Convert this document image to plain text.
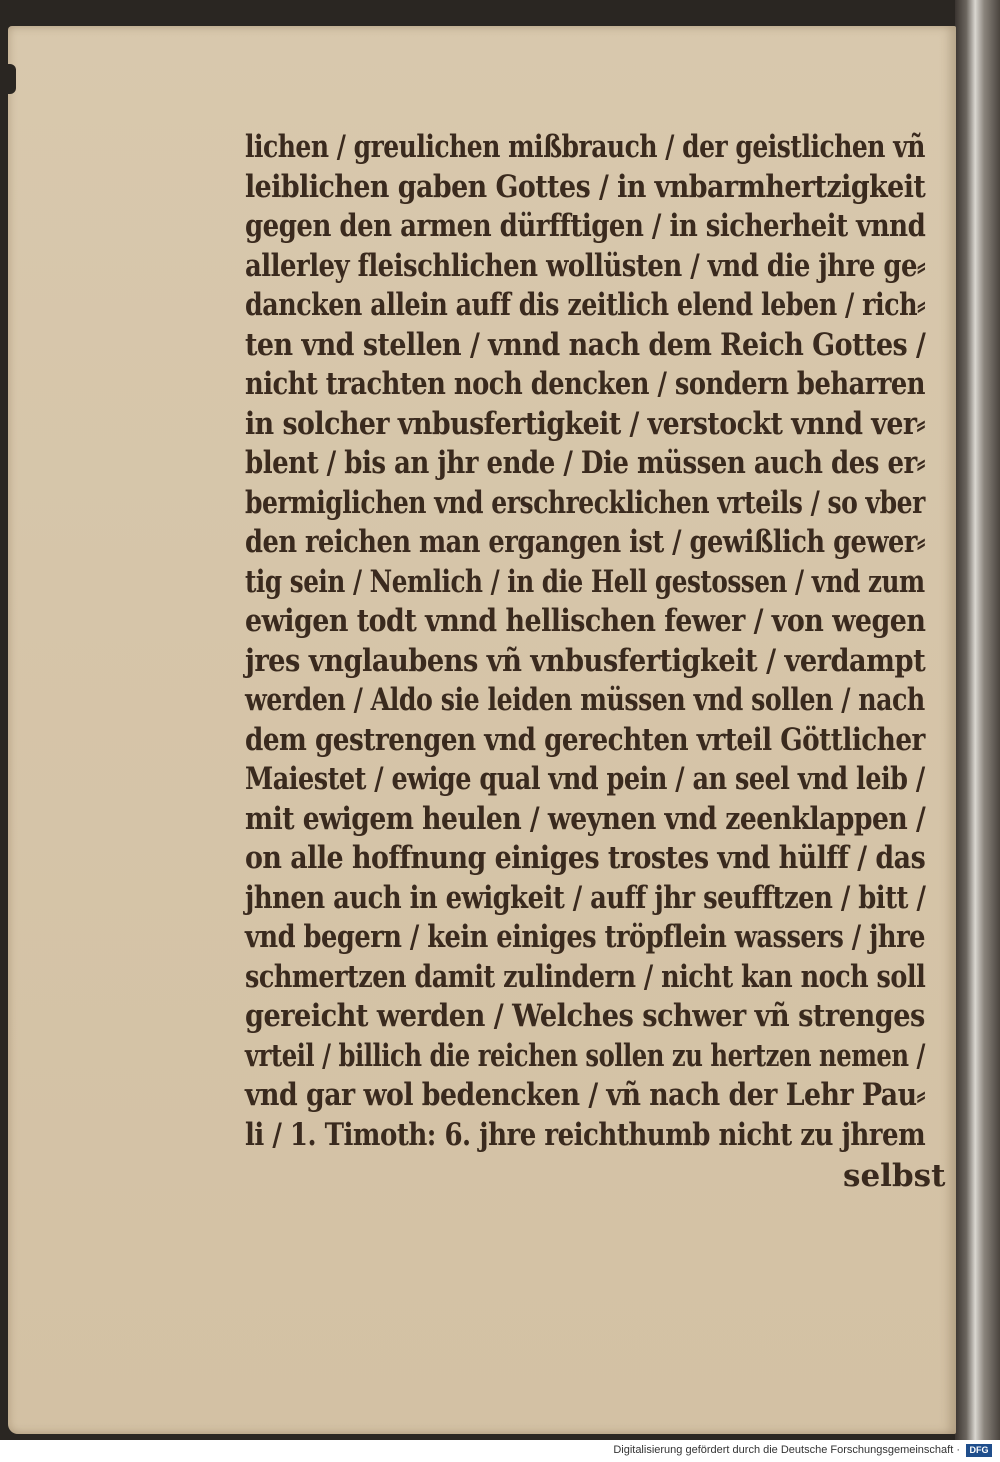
lichen / greulichen mißbrauch / der geistlichen vñ
leiblichen gaben Gottes / in vnbarmhertzigkeit
gegen den armen dürfftigen / in sicherheit vnnd
allerley fleischlichen wollüsten / vnd die jhre ge⸗
dancken allein auff dis zeitlich elend leben / rich⸗
ten vnd stellen / vnnd nach dem Reich Gottes /
nicht trachten noch dencken / sondern beharren
in solcher vnbusfertigkeit / verstockt vnnd ver⸗
blent / bis an jhr ende / Die müssen auch des er⸗
bermiglichen vnd erschrecklichen vrteils / so vber
den reichen man ergangen ist / gewißlich gewer⸗
tig sein / Nemlich / in die Hell gestossen / vnd zum
ewigen todt vnnd hellischen fewer / von wegen
jres vnglaubens vñ vnbusfertigkeit / verdampt
werden / Aldo sie leiden müssen vnd sollen / nach
dem gestrengen vnd gerechten vrteil Göttlicher
Maiestet / ewige qual vnd pein / an seel vnd leib /
mit ewigem heulen / weynen vnd zeenklappen /
on alle hoffnung einiges trostes vnd hülff / das
jhnen auch in ewigkeit / auff jhr seufftzen / bitt /
vnd begern / kein einiges tröpflein wassers / jhre
schmertzen damit zulindern / nicht kan noch soll
gereicht werden / Welches schwer vñ strenges
vrteil / billich die reichen sollen zu hertzen nemen /
vnd gar wol bedencken / vñ nach der Lehr Pau⸗
li / 1. Timoth: 6. jhre reichthumb nicht zu jhrem
selbst
Digitalisierung gefördert durch die Deutsche Forschungsgemeinschaft ·	DFG
